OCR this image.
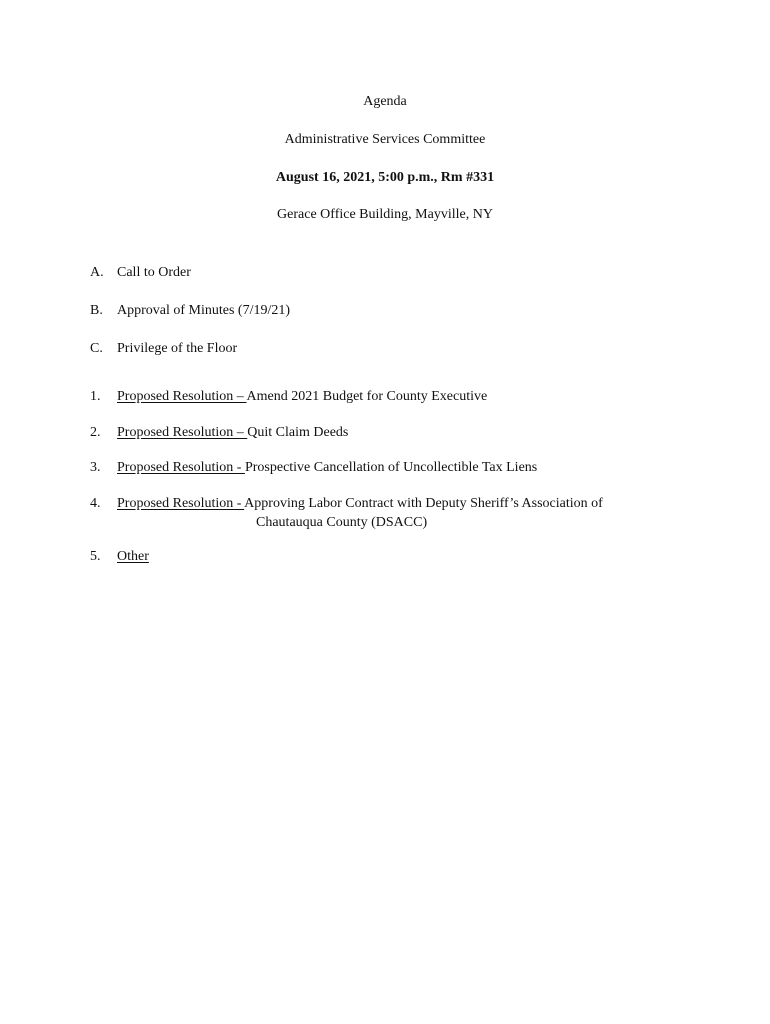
Agenda
Administrative Services Committee
August 16, 2021, 5:00 p.m., Rm #331
Gerace Office Building, Mayville, NY
A. Call to Order
B. Approval of Minutes (7/19/21)
C. Privilege of the Floor
1. Proposed Resolution – Amend 2021 Budget for County Executive
2. Proposed Resolution – Quit Claim Deeds
3. Proposed Resolution - Prospective Cancellation of Uncollectible Tax Liens
4. Proposed Resolution - Approving Labor Contract with Deputy Sheriff’s Association of
Chautauqua County (DSACC)
5. Other
